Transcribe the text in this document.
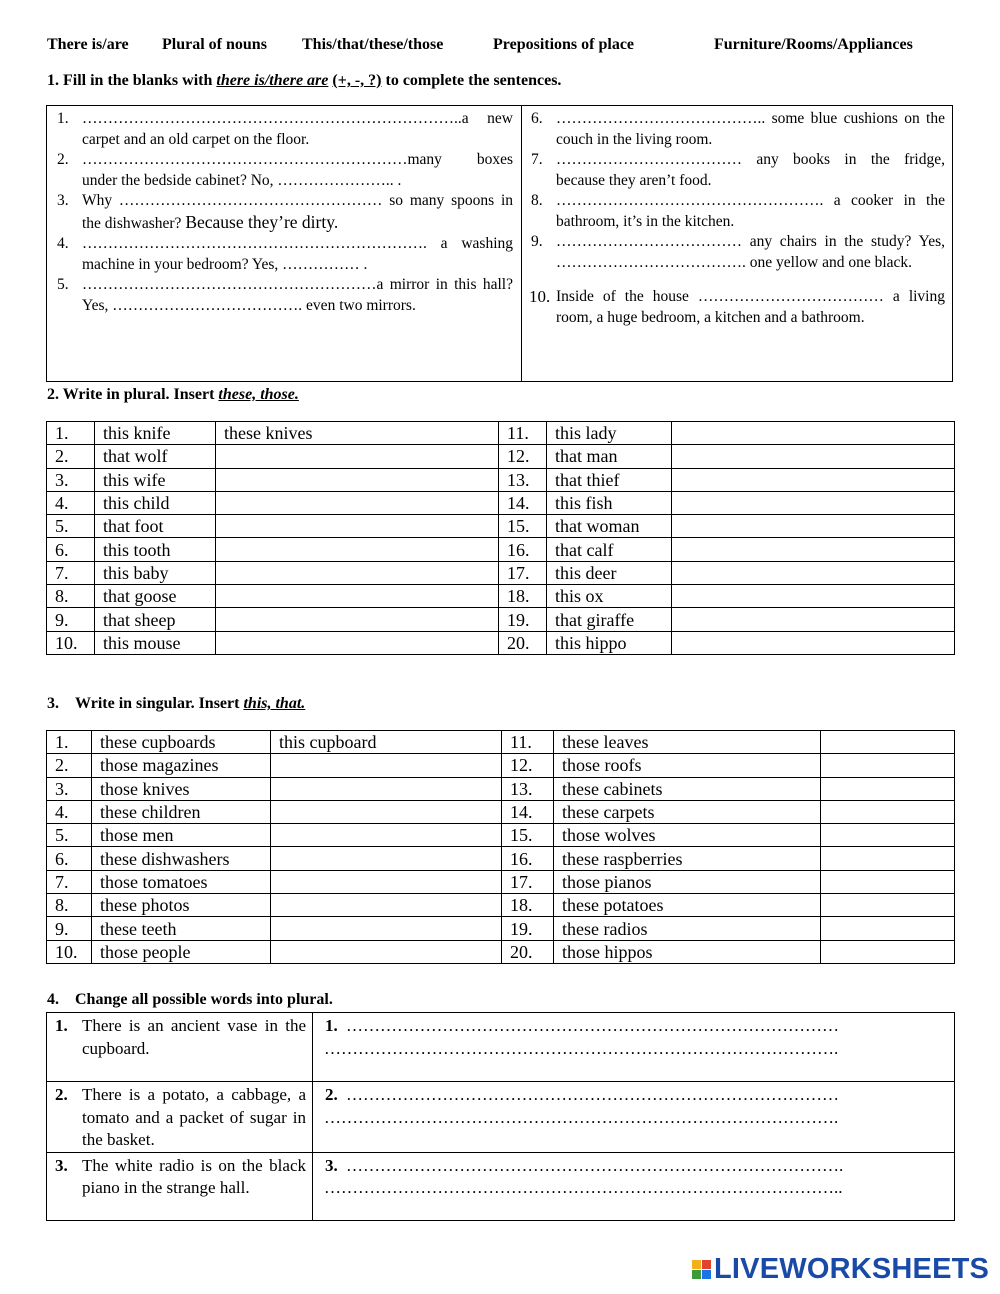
There is/are Plural of nouns This/that/these/those	Prepositions of place	Furniture/Rooms/Appliances
1. Fill in the blanks with there is/there are (+, -, ?) to complete the sentences.
1. ………………………………………………………………..a new carpet and an old carpet on the floor.
2. ………………………………………………………many boxes under the bedside cabinet? No, ………………….. .
3. Why …………………………………………… so many spoons in the dishwasher? Because they’re dirty.
4. …………………………………………………………. a washing machine in your bedroom? Yes, …………… .
5. …………………………………………………a mirror in this hall? Yes, ………………………………. even two mirrors.
6. ………………………………….. some blue cushions on the couch in the living room.
7. ……………………………… any books in the fridge, because they aren’t food.
8. ……………………………………………. a cooker in the bathroom, it’s in the kitchen.
9. ……………………………… any chairs in the study? Yes, ………………………………. one yellow and one black.
10. Inside of the house ……………………………… a living room, a huge bedroom, a kitchen and a bathroom.
2. Write in plural. Insert these, those.
1.	this knife	these knives	11.	this lady	
2.	that wolf		12.	that man	
3.	this wife		13.	that thief	
4.	this child		14.	this fish	
5.	that foot		15.	that woman	
6.	this tooth		16.	that calf	
7.	this baby		17.	this deer	
8.	that goose		18.	this ox	
9.	that sheep		19.	that giraffe	
10.	this mouse		20.	this hippo	
3. Write in singular. Insert this, that.
1.	these cupboards	this cupboard	11.	these leaves	
2.	those magazines		12.	those roofs	
3.	those knives		13.	these cabinets	
4.	these children		14.	these carpets	
5.	those men		15.	those wolves	
6.	these dishwashers		16.	these raspberries	
7.	those tomatoes		17.	those pianos	
8.	these photos		18.	these potatoes	
9.	these teeth		19.	these radios	
10.	those people		20.	those hippos	
4. Change all possible words into plural.
1. There is an ancient vase in the cupboard.	1. ……………………………………………………………………………
……………………………………………………………………………….

2. There is a potato, a cabbage, a tomato and a packet of sugar in the basket.	2. ……………………………………………………………………………
……………………………………………………………………………….

3. The white radio is on the black piano in the strange hall.	3. …………………………………………………………………………….
………………………………………………………………………………..
LIVEWORKSHEETS
